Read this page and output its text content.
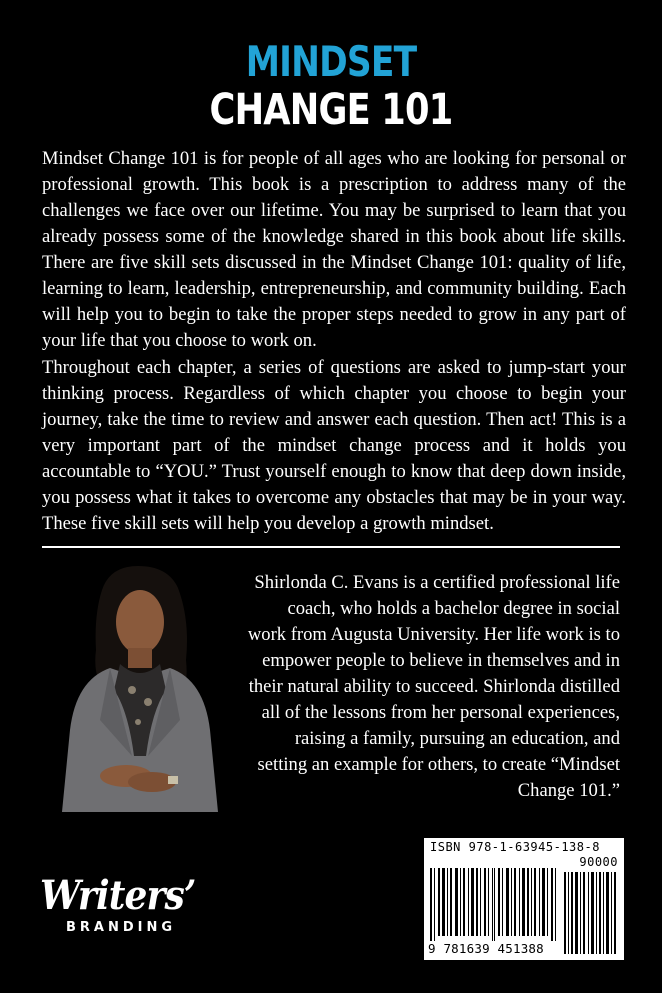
MINDSET
CHANGE 101

Mindset Change 101 is for people of all ages who are looking for personal or professional growth. This book is a prescription to address many of the challenges we face over our lifetime. You may be surprised to learn that you already possess some of the knowledge shared in this book about life skills. There are five skill sets discussed in the Mindset Change 101: quality of life, learning to learn, leadership, entrepreneurship, and community building. Each will help you to begin to take the proper steps needed to grow in any part of your life that you choose to work on.

Throughout each chapter, a series of questions are asked to jump-start your thinking process. Regardless of which chapter you choose to begin your journey, take the time to review and answer each question. Then act! This is a very important part of the mindset change process and it holds you accountable to “YOU.” Trust yourself enough to know that deep down inside, you possess what it takes to overcome any obstacles that may be in your way. These five skill sets will help you develop a growth mindset.

Shirlonda C. Evans is a certified professional life coach, who holds a bachelor degree in social work from Augusta University. Her life work is to empower people to believe in themselves and in their natural ability to succeed. Shirlonda distilled all of the lessons from her personal experiences, raising a family, pursuing an education, and setting an example for others, to create “Mindset Change 101.”

ISBN 978-1-63945-138-8
90000
9 781639 451388
Writers’
BRANDING
